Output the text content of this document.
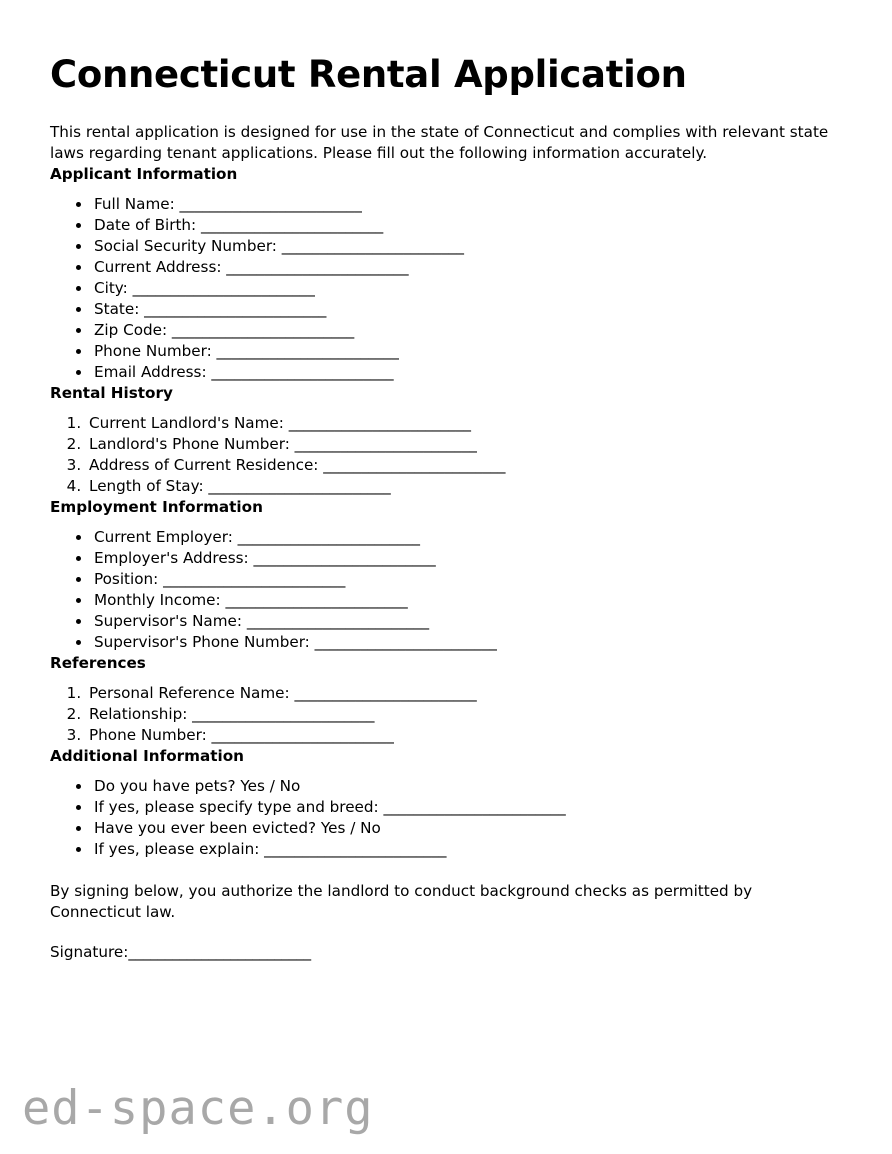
Connecticut Rental Application

This rental application is designed for use in the state of Connecticut and complies with relevant state laws regarding tenant applications. Please fill out the following information accurately.

Applicant Information
• Full Name: ________________________
• Date of Birth: ________________________
• Social Security Number: ________________________
• Current Address: ________________________
• City: ________________________
• State: ________________________
• Zip Code: ________________________
• Phone Number: ________________________
• Email Address: ________________________
Rental History
1. Current Landlord's Name: ________________________
2. Landlord's Phone Number: ________________________
3. Address of Current Residence: ________________________
4. Length of Stay: ________________________
Employment Information
• Current Employer: ________________________
• Employer's Address: ________________________
• Position: ________________________
• Monthly Income: ________________________
• Supervisor's Name: ________________________
• Supervisor's Phone Number: ________________________
References
1. Personal Reference Name: ________________________
2. Relationship: ________________________
3. Phone Number: ________________________
Additional Information
• Do you have pets? Yes / No
• If yes, please specify type and breed: ________________________
• Have you ever been evicted? Yes / No
• If yes, please explain: ________________________

By signing below, you authorize the landlord to conduct background checks as permitted by Connecticut law.

Signature:_________________________
ed-space.org
